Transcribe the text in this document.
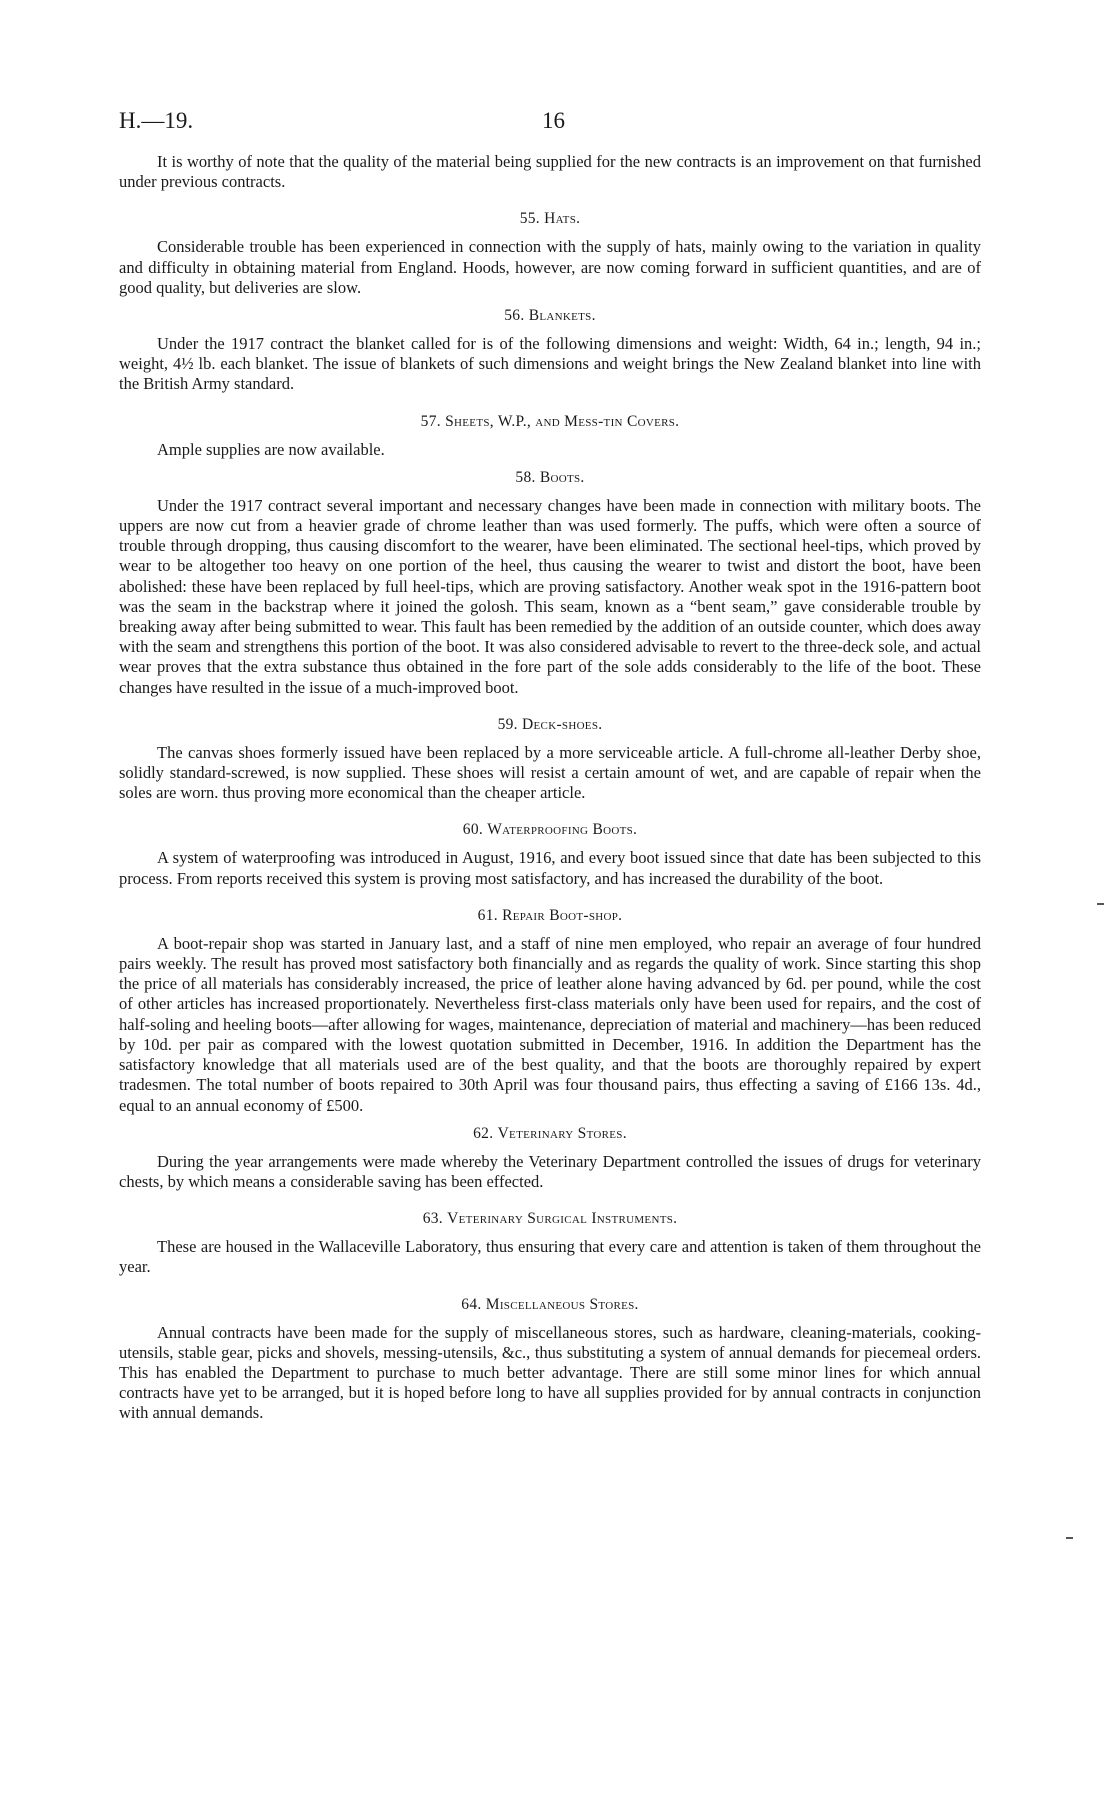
H.—19.	16

It is worthy of note that the quality of the material being supplied for the new contracts is an improvement on that furnished under previous contracts.

55. Hats.

Considerable trouble has been experienced in connection with the supply of hats, mainly owing to the variation in quality and difficulty in obtaining material from England. Hoods, however, are now coming forward in sufficient quantities, and are of good quality, but deliveries are slow.

56. Blankets.

Under the 1917 contract the blanket called for is of the following dimensions and weight: Width, 64 in.; length, 94 in.; weight, 4½ lb. each blanket. The issue of blankets of such dimensions and weight brings the New Zealand blanket into line with the British Army standard.

57. Sheets, W.P., and Mess-tin Covers.

Ample supplies are now available.

58. Boots.

Under the 1917 contract several important and necessary changes have been made in connection with military boots. The uppers are now cut from a heavier grade of chrome leather than was used formerly. The puffs, which were often a source of trouble through dropping, thus causing discomfort to the wearer, have been eliminated. The sectional heel-tips, which proved by wear to be altogether too heavy on one portion of the heel, thus causing the wearer to twist and distort the boot, have been abolished: these have been replaced by full heel-tips, which are proving satisfactory. Another weak spot in the 1916-pattern boot was the seam in the backstrap where it joined the golosh. This seam, known as a “bent seam,” gave considerable trouble by breaking away after being submitted to wear. This fault has been remedied by the addition of an outside counter, which does away with the seam and strengthens this portion of the boot. It was also considered advisable to revert to the three-deck sole, and actual wear proves that the extra substance thus obtained in the fore part of the sole adds considerably to the life of the boot. These changes have resulted in the issue of a much-improved boot.

59. Deck-shoes.

The canvas shoes formerly issued have been replaced by a more serviceable article. A full-chrome all-leather Derby shoe, solidly standard-screwed, is now supplied. These shoes will resist a certain amount of wet, and are capable of repair when the soles are worn. thus proving more economical than the cheaper article.

60. Waterproofing Boots.

A system of waterproofing was introduced in August, 1916, and every boot issued since that date has been subjected to this process. From reports received this system is proving most satisfactory, and has increased the durability of the boot.

61. Repair Boot-shop.

A boot-repair shop was started in January last, and a staff of nine men employed, who repair an average of four hundred pairs weekly. The result has proved most satisfactory both financially and as regards the quality of work. Since starting this shop the price of all materials has considerably increased, the price of leather alone having advanced by 6d. per pound, while the cost of other articles has increased proportionately. Nevertheless first-class materials only have been used for repairs, and the cost of half-soling and heeling boots—after allowing for wages, maintenance, depreciation of material and machinery—has been reduced by 10d. per pair as compared with the lowest quotation submitted in December, 1916. In addition the Department has the satisfactory knowledge that all materials used are of the best quality, and that the boots are thoroughly repaired by expert tradesmen. The total number of boots repaired to 30th April was four thousand pairs, thus effecting a saving of £166 13s. 4d., equal to an annual economy of £500.

62. Veterinary Stores.

During the year arrangements were made whereby the Veterinary Department controlled the issues of drugs for veterinary chests, by which means a considerable saving has been effected.

63. Veterinary Surgical Instruments.

These are housed in the Wallaceville Laboratory, thus ensuring that every care and attention is taken of them throughout the year.

64. Miscellaneous Stores.

Annual contracts have been made for the supply of miscellaneous stores, such as hardware, cleaning-materials, cooking-utensils, stable gear, picks and shovels, messing-utensils, &c., thus substituting a system of annual demands for piecemeal orders. This has enabled the Department to purchase to much better advantage. There are still some minor lines for which annual contracts have yet to be arranged, but it is hoped before long to have all supplies provided for by annual contracts in conjunction with annual demands.
